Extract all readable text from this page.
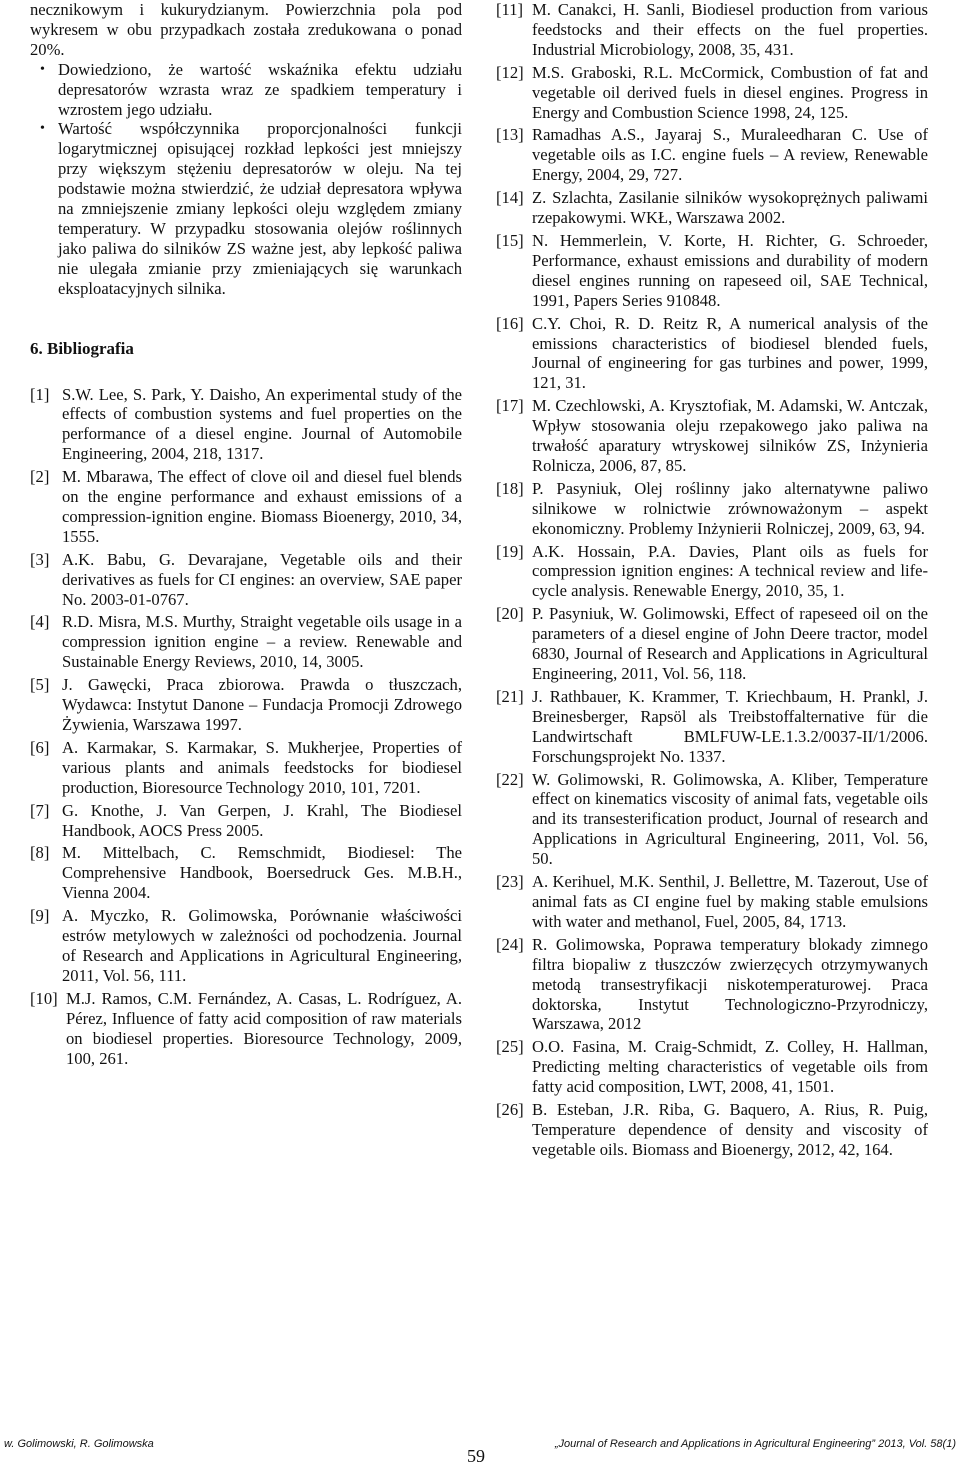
necznikowym i kukurydzianym. Powierzchnia pola pod wykresem w obu przypadkach została zredukowana o ponad 20%.

• Dowiedziono, że wartość wskaźnika efektu udziału depresatorów wzrasta wraz ze spadkiem temperatury i wzrostem jego udziału.
• Wartość współczynnika proporcjonalności funkcji logarytmicznej opisującej rozkład lepkości jest mniejszy przy większym stężeniu depresatorów w oleju. Na tej podstawie można stwierdzić, że udział depresatora wpływa na zmniejszenie zmiany lepkości oleju względem zmiany temperatury. W przypadku stosowania olejów roślinnych jako paliwa do silników ZS ważne jest, aby lepkość paliwa nie ulegała zmianie przy zmieniających się warunkach eksploatacyjnych silnika.
6. Bibliografia
[1] S.W. Lee, S. Park, Y. Daisho, An experimental study of the effects of combustion systems and fuel properties on the performance of a diesel engine. Journal of Automobile Engineering, 2004, 218, 1317.
[2] M. Mbarawa, The effect of clove oil and diesel fuel blends on the engine performance and exhaust emissions of a compression-ignition engine. Biomass Bioenergy, 2010, 34, 1555.
[3] A.K. Babu, G. Devarajane, Vegetable oils and their derivatives as fuels for CI engines: an overview, SAE paper No. 2003-01-0767.
[4] R.D. Misra, M.S. Murthy, Straight vegetable oils usage in a compression ignition engine – a review. Renewable and Sustainable Energy Reviews, 2010, 14, 3005.
[5] J. Gawęcki, Praca zbiorowa. Prawda o tłuszczach, Wydawca: Instytut Danone – Fundacja Promocji Zdrowego Żywienia, Warszawa 1997.
[6] A. Karmakar, S. Karmakar, S. Mukherjee, Properties of various plants and animals feedstocks for biodiesel production, Bioresource Technology 2010, 101, 7201.
[7] G. Knothe, J. Van Gerpen, J. Krahl, The Biodiesel Handbook, AOCS Press 2005.
[8] M. Mittelbach, C. Remschmidt, Biodiesel: The Comprehensive Handbook, Boersedruck Ges. M.B.H., Vienna 2004.
[9] A. Myczko, R. Golimowska, Porównanie właściwości estrów metylowych w zależności od pochodzenia. Journal of Research and Applications in Agricultural Engineering, 2011, Vol. 56, 111.
[10] M.J. Ramos, C.M. Fernández, A. Casas, L. Rodríguez, A. Pérez, Influence of fatty acid composition of raw materials on biodiesel properties. Bioresource Technology, 2009, 100, 261.
[11] M. Canakci, H. Sanli, Biodiesel production from various feedstocks and their effects on the fuel properties. Industrial Microbiology, 2008, 35, 431.
[12] M.S. Graboski, R.L. McCormick, Combustion of fat and vegetable oil derived fuels in diesel engines. Progress in Energy and Combustion Science 1998, 24, 125.
[13] Ramadhas A.S., Jayaraj S., Muraleedharan C. Use of vegetable oils as I.C. engine fuels – A review, Renewable Energy, 2004, 29, 727.
[14] Z. Szlachta, Zasilanie silników wysokoprężnych paliwami rzepakowymi. WKŁ, Warszawa 2002.
[15] N. Hemmerlein, V. Korte, H. Richter, G. Schroeder, Performance, exhaust emissions and durability of modern diesel engines running on rapeseed oil, SAE Technical, 1991, Papers Series 910848.
[16] C.Y. Choi, R. D. Reitz R, A numerical analysis of the emissions characteristics of biodiesel blended fuels, Journal of engineering for gas turbines and power, 1999, 121, 31.
[17] M. Czechlowski, A. Krysztofiak, M. Adamski, W. Antczak, Wpływ stosowania oleju rzepakowego jako paliwa na trwałość aparatury wtryskowej silników ZS, Inżynieria Rolnicza, 2006, 87, 85.
[18] P. Pasyniuk, Olej roślinny jako alternatywne paliwo silnikowe w rolnictwie zrównoważonym – aspekt ekonomiczny. Problemy Inżynierii Rolniczej, 2009, 63, 94.
[19] A.K. Hossain, P.A. Davies, Plant oils as fuels for compression ignition engines: A technical review and life-cycle analysis. Renewable Energy, 2010, 35, 1.
[20] P. Pasyniuk, W. Golimowski, Effect of rapeseed oil on the parameters of a diesel engine of John Deere tractor, model 6830, Journal of Research and Applications in Agricultural Engineering, 2011, Vol. 56, 118.
[21] J. Rathbauer, K. Krammer, T. Kriechbaum, H. Prankl, J. Breinesberger, Rapsöl als Treibstoffalternative für die Landwirtschaft BMLFUW-LE.1.3.2/0037-II/1/2006. Forschungsprojekt No. 1337.
[22] W. Golimowski, R. Golimowska, A. Kliber, Temperature effect on kinematics viscosity of animal fats, vegetable oils and its transesterification product, Journal of research and Applications in Agricultural Engineering, 2011, Vol. 56, 50.
[23] A. Kerihuel, M.K. Senthil, J. Bellettre, M. Tazerout, Use of animal fats as CI engine fuel by making stable emulsions with water and methanol, Fuel, 2005, 84, 1713.
[24] R. Golimowska, Poprawa temperatury blokady zimnego filtra biopaliw z tłuszczów zwierzęcych otrzymywanych metodą transestryfikacji niskotemperaturowej. Praca doktorska, Instytut Technologiczno-Przyrodniczy, Warszawa, 2012
[25] O.O. Fasina, M. Craig-Schmidt, Z. Colley, H. Hallman, Predicting melting characteristics of vegetable oils from fatty acid composition, LWT, 2008, 41, 1501.
[26] B. Esteban, J.R. Riba, G. Baquero, A. Rius, R. Puig, Temperature dependence of density and viscosity of vegetable oils. Biomass and Bioenergy, 2012, 42, 164.
w. Golimowski, R. Golimowska
59
„Journal of Research and Applications in Agricultural Engineering” 2013, Vol. 58(1)
